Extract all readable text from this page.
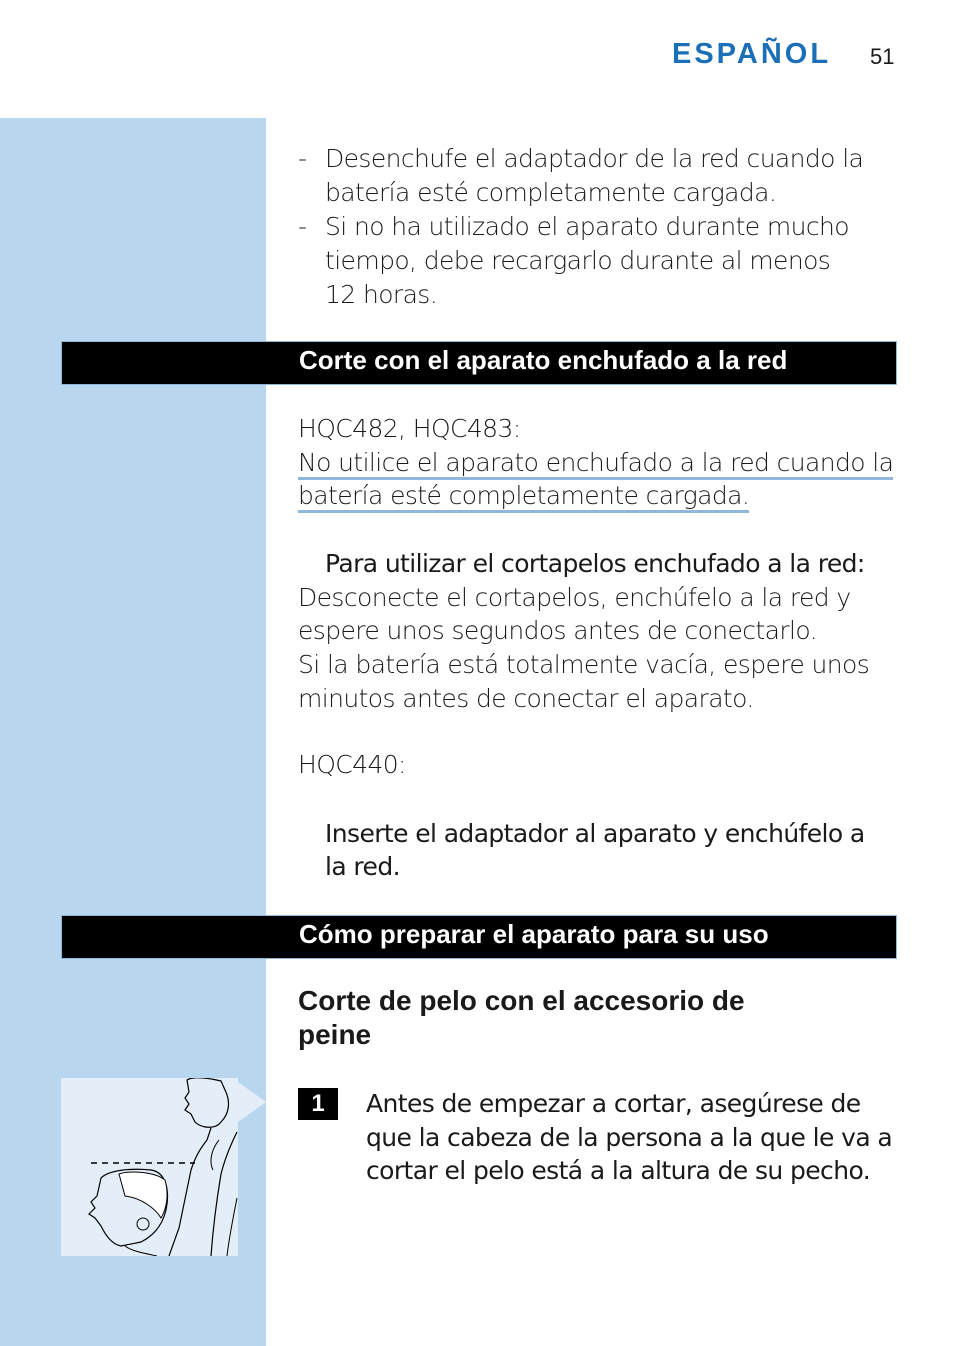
ESPAÑOL 51
- Desenchufe el adaptador de la red cuando la
batería esté completamente cargada.
- Si no ha utilizado el aparato durante mucho
tiempo, debe recargarlo durante al menos
12 horas.
Corte con el aparato enchufado a la red
HQC482, HQC483:
No utilice el aparato enchufado a la red cuando la
batería esté completamente cargada.
Para utilizar el cortapelos enchufado a la red:
Desconecte el cortapelos, enchúfelo a la red y
espere unos segundos antes de conectarlo.
Si la batería está totalmente vacía, espere unos
minutos antes de conectar el aparato.
HQC440:
Inserte el adaptador al aparato y enchúfelo a
la red.
Cómo preparar el aparato para su uso
Corte de pelo con el accesorio de
peine
1	Antes de empezar a cortar, asegúrese de
que la cabeza de la persona a la que le va a
cortar el pelo está a la altura de su pecho.
